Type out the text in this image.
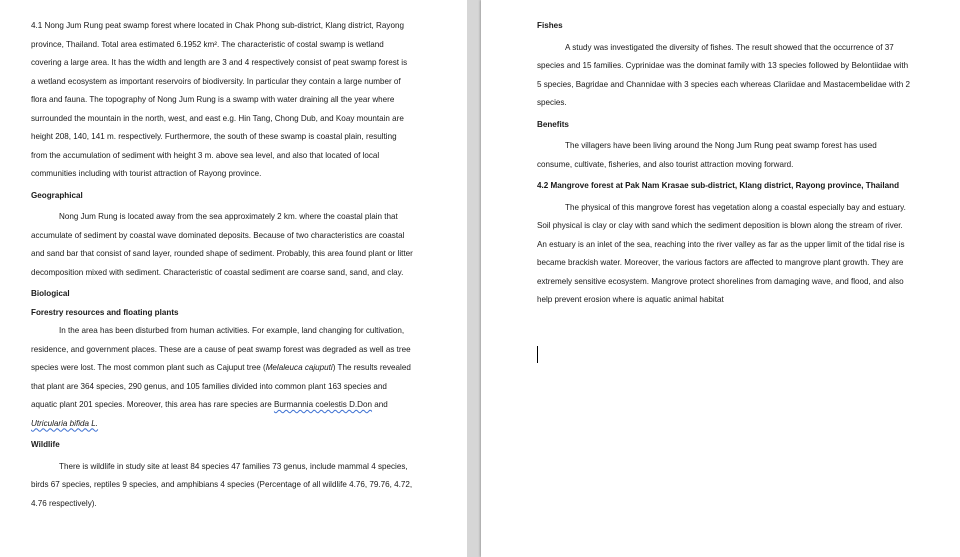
4.1 Nong Jum Rung peat swamp forest where located in Chak Phong sub-district, Klang district, Rayong province, Thailand. Total area estimated 6.1952 km². The characteristic of costal swamp is wetland covering a large area. It has the width and length are 3 and 4 respectively consist of peat swamp forest is a wetland ecosystem as important reservoirs of biodiversity. In particular they contain a large number of flora and fauna. The topography of Nong Jum Rung is a swamp with water draining all the year where surrounded the mountain in the north, west, and east e.g. Hin Tang, Chong Dub, and Koay mountain are height 208, 140, 141 m. respectively. Furthermore, the south of these swamp is coastal plain, resulting from the accumulation of sediment with height 3 m. above sea level, and also that located of local communities including with tourist attraction of Rayong province.

Geographical

Nong Jum Rung is located away from the sea approximately 2 km. where the coastal plain that accumulate of sediment by coastal wave dominated deposits. Because of two characteristics are coastal and sand bar that consist of sand layer, rounded shape of sediment. Probably, this area found plant or litter decomposition mixed with sediment. Characteristic of coastal sediment are coarse sand, sand, and clay.

Biological

Forestry resources and floating plants

In the area has been disturbed from human activities. For example, land changing for cultivation, residence, and government places. These are a cause of peat swamp forest was degraded as well as tree species were lost. The most common plant such as Cajuput tree (Melaleuca cajuputi) The results revealed that plant are 364 species, 290 genus, and 105 families divided into common plant 163 species and aquatic plant 201 species. Moreover, this area has rare species are Burmannia coelestis D.Don and Utricularia bifida L.

Wildlife

There is wildlife in study site at least 84 species 47 families 73 genus, include mammal 4 species, birds 67 species, reptiles 9 species, and amphibians 4 species (Percentage of all wildlife 4.76, 79.76, 4.72, 4.76 respectively).

Fishes

A study was investigated the diversity of fishes. The result showed that the occurrence of 37 species and 15 families. Cyprinidae was the dominat family with 13 species followed by Belontiidae with 5 species, Bagridae and Channidae with 3 species each whereas Clariidae and Mastacembelidae with 2 species.

Benefits

The villagers have been living around the Nong Jum Rung peat swamp forest has used consume, cultivate, fisheries, and also tourist attraction moving forward.

4.2 Mangrove forest at Pak Nam Krasae sub-district, Klang district, Rayong province, Thailand

The physical of this mangrove forest has vegetation along a coastal especially bay and estuary. Soil physical is clay or clay with sand which the sediment deposition is blown along the stream of river. An estuary is an inlet of the sea, reaching into the river valley as far as the upper limit of the tidal rise is became brackish water. Moreover, the various factors are affected to mangrove plant growth. They are extremely sensitive ecosystem. Mangrove protect shorelines from damaging wave, and flood, and also help prevent erosion where is aquatic animal habitat
